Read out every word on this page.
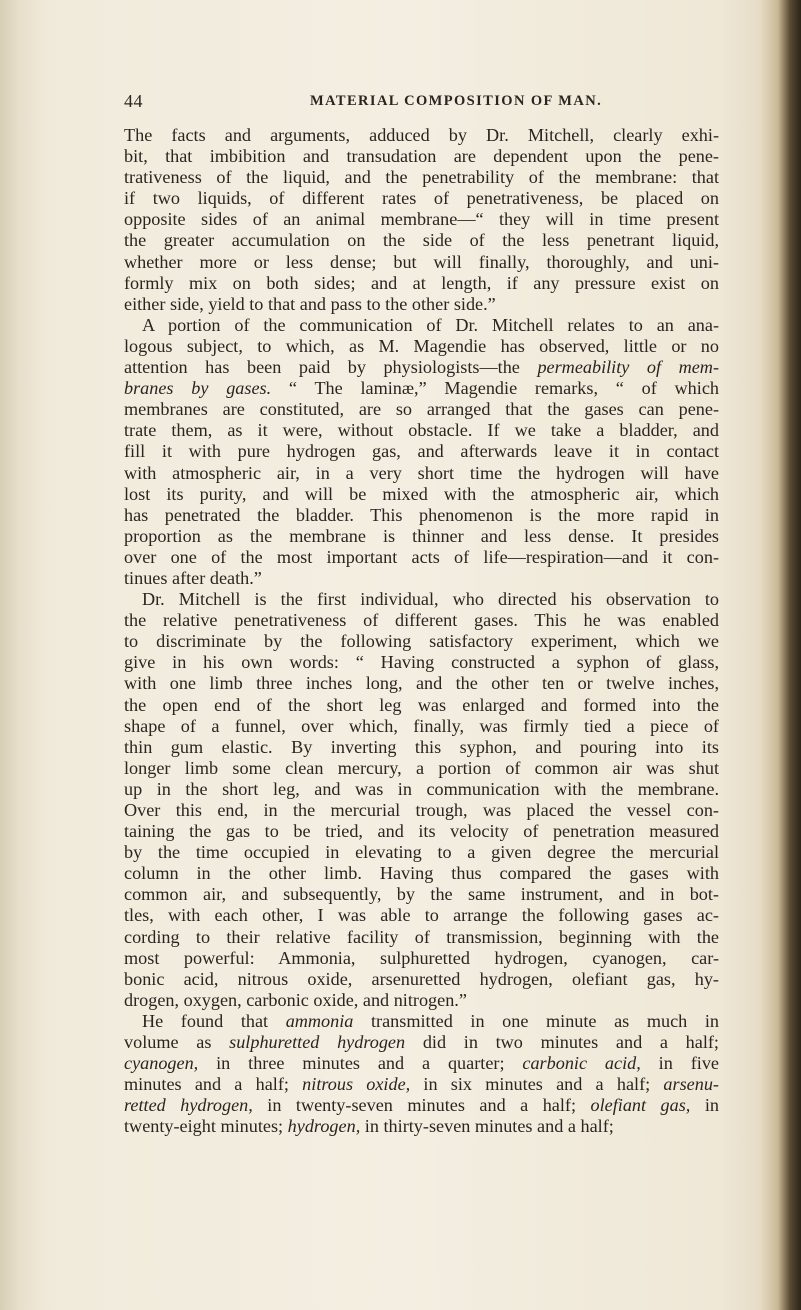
44	MATERIAL COMPOSITION OF MAN.
The facts and arguments, adduced by Dr. Mitchell, clearly exhi-
bit, that imbibition and transudation are dependent upon the pene-
trativeness of the liquid, and the penetrability of the membrane: that
if two liquids, of different rates of penetrativeness, be placed on
opposite sides of an animal membrane—“ they will in time present
the greater accumulation on the side of the less penetrant liquid,
whether more or less dense; but will finally, thoroughly, and uni-
formly mix on both sides; and at length, if any pressure exist on
either side, yield to that and pass to the other side.”
A portion of the communication of Dr. Mitchell relates to an ana-
logous subject, to which, as M. Magendie has observed, little or no
attention has been paid by physiologists—the permeability of mem-
branes by gases. “ The laminæ,” Magendie remarks, “ of which
membranes are constituted, are so arranged that the gases can pene-
trate them, as it were, without obstacle. If we take a bladder, and
fill it with pure hydrogen gas, and afterwards leave it in contact
with atmospheric air, in a very short time the hydrogen will have
lost its purity, and will be mixed with the atmospheric air, which
has penetrated the bladder. This phenomenon is the more rapid in
proportion as the membrane is thinner and less dense. It presides
over one of the most important acts of life—respiration—and it con-
tinues after death.”
Dr. Mitchell is the first individual, who directed his observation to
the relative penetrativeness of different gases. This he was enabled
to discriminate by the following satisfactory experiment, which we
give in his own words: “ Having constructed a syphon of glass,
with one limb three inches long, and the other ten or twelve inches,
the open end of the short leg was enlarged and formed into the
shape of a funnel, over which, finally, was firmly tied a piece of
thin gum elastic. By inverting this syphon, and pouring into its
longer limb some clean mercury, a portion of common air was shut
up in the short leg, and was in communication with the membrane.
Over this end, in the mercurial trough, was placed the vessel con-
taining the gas to be tried, and its velocity of penetration measured
by the time occupied in elevating to a given degree the mercurial
column in the other limb. Having thus compared the gases with
common air, and subsequently, by the same instrument, and in bot-
tles, with each other, I was able to arrange the following gases ac-
cording to their relative facility of transmission, beginning with the
most powerful: Ammonia, sulphuretted hydrogen, cyanogen, car-
bonic acid, nitrous oxide, arsenuretted hydrogen, olefiant gas, hy-
drogen, oxygen, carbonic oxide, and nitrogen.”
He found that ammonia transmitted in one minute as much in
volume as sulphuretted hydrogen did in two minutes and a half;
cyanogen, in three minutes and a quarter; carbonic acid, in five
minutes and a half; nitrous oxide, in six minutes and a half; arsenu-
retted hydrogen, in twenty-seven minutes and a half; olefiant gas, in
twenty-eight minutes; hydrogen, in thirty-seven minutes and a half;
